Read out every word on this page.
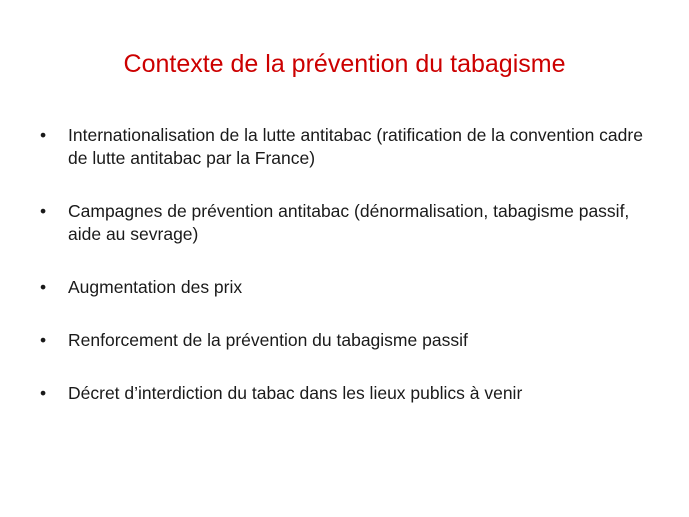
Contexte de la prévention du tabagisme
• Internationalisation de la lutte antitabac (ratification de la convention cadre de lutte antitabac par la France)
• Campagnes de prévention antitabac (dénormalisation, tabagisme passif, aide au sevrage)
• Augmentation des prix
• Renforcement de la prévention du tabagisme passif
• Décret d’interdiction du tabac dans les lieux publics à venir
